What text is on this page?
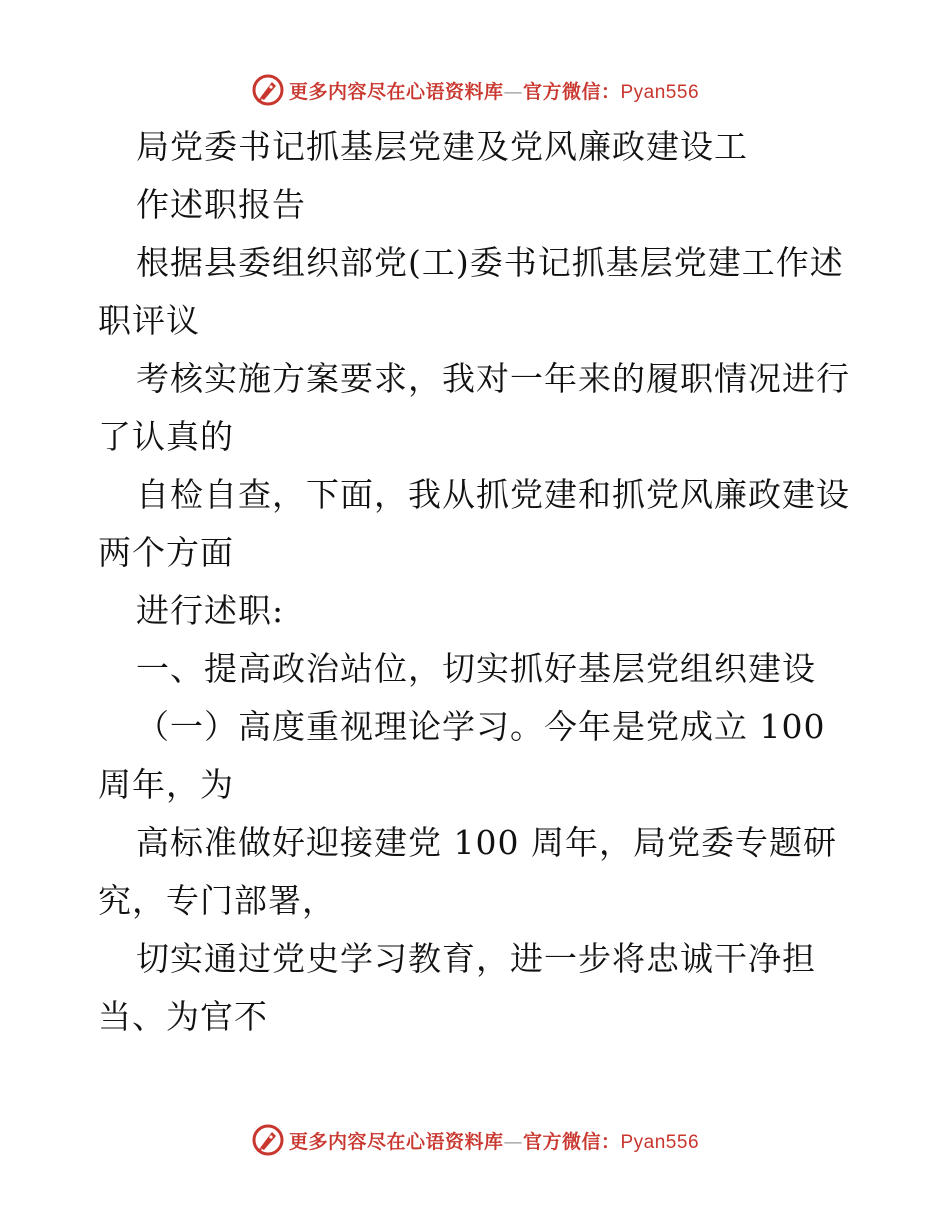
更多内容尽在心语资料库—官方微信：Pyan556
局党委书记抓基层党建及党风廉政建设工
作述职报告
根据县委组织部党(工)委书记抓基层党建工作述
职评议
考核实施方案要求，我对一年来的履职情况进行
了认真的
自检自查，下面，我从抓党建和抓党风廉政建设
两个方面
进行述职:
一、提高政治站位，切实抓好基层党组织建设
（一）高度重视理论学习。今年是党成立 100
周年，为
高标准做好迎接建党 100 周年，局党委专题研
究，专门部署，
切实通过党史学习教育，进一步将忠诚干净担
当、为官不
更多内容尽在心语资料库—官方微信：Pyan556
